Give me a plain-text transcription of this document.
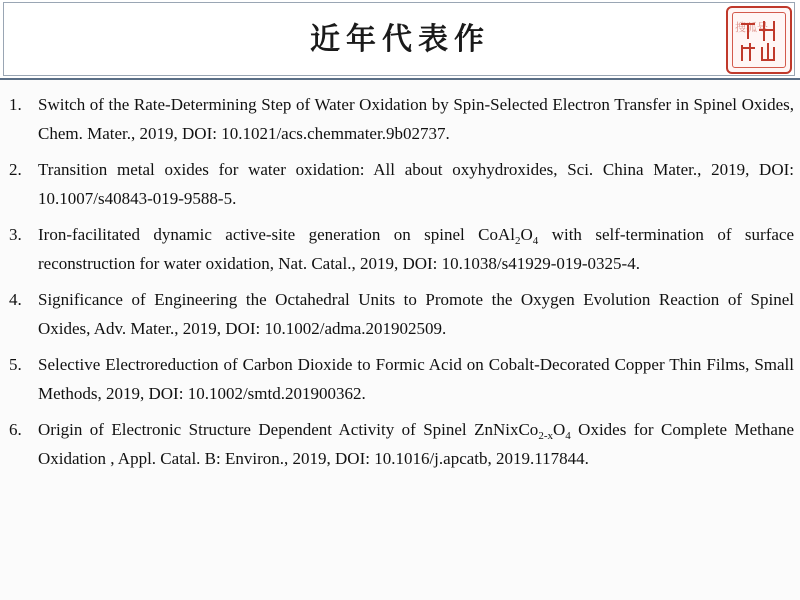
近年代表作	搜狐号
1. Switch of the Rate-Determining Step of Water Oxidation by Spin-Selected Electron Transfer in Spinel Oxides, Chem. Mater., 2019, DOI: 10.1021/acs.chemmater.9b02737.
2. Transition metal oxides for water oxidation: All about oxyhydroxides, Sci. China Mater., 2019, DOI: 10.1007/s40843-019-9588-5.
3. Iron-facilitated dynamic active-site generation on spinel $CoAl_2O_4$ with self-termination of surface reconstruction for water oxidation, Nat. Catal., 2019, DOI: 10.1038/s41929-019-0325-4.
4. Significance of Engineering the Octahedral Units to Promote the Oxygen Evolution Reaction of Spinel Oxides, Adv. Mater., 2019, DOI: 10.1002/adma.201902509.
5. Selective Electroreduction of Carbon Dioxide to Formic Acid on Cobalt-Decorated Copper Thin Films, Small Methods, 2019, DOI: 10.1002/smtd.201900362.
6. Origin of Electronic Structure Dependent Activity of Spinel $ZnNixCo_{2-x}O_4$ Oxides for Complete Methane Oxidation , Appl. Catal. B: Environ., 2019, DOI: 10.1016/j.apcatb, 2019.117844.
